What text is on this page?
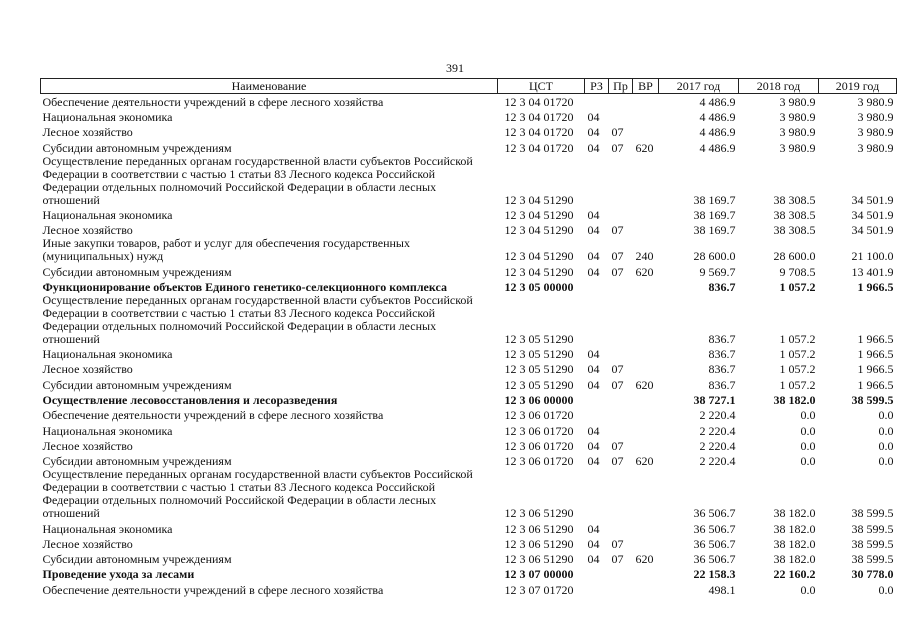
391
Наименование	ЦСТ	РЗ	Пр	ВР	2017 год	2018 год	2019 год
Обеспечение деятельности учреждений в сфере лесного хозяйства	12 3 04 01720				4 486.9	3 980.9	3 980.9
Национальная экономика	12 3 04 01720	04			4 486.9	3 980.9	3 980.9
Лесное хозяйство	12 3 04 01720	04	07		4 486.9	3 980.9	3 980.9
Субсидии автономным учреждениям	12 3 04 01720	04	07	620	4 486.9	3 980.9	3 980.9
Осуществление переданных органам государственной власти субъектов Российской Федерации в соответствии с частью 1 статьи 83 Лесного кодекса Российской Федерации отдельных полномочий Российской Федерации в области лесных отношений	12 3 04 51290				38 169.7	38 308.5	34 501.9
Национальная экономика	12 3 04 51290	04			38 169.7	38 308.5	34 501.9
Лесное хозяйство	12 3 04 51290	04	07		38 169.7	38 308.5	34 501.9
Иные закупки товаров, работ и услуг для обеспечения государственных (муниципальных) нужд	12 3 04 51290	04	07	240	28 600.0	28 600.0	21 100.0
Субсидии автономным учреждениям	12 3 04 51290	04	07	620	9 569.7	9 708.5	13 401.9
Функционирование объектов Единого генетико-селекционного комплекса	12 3 05 00000				836.7	1 057.2	1 966.5
Осуществление переданных органам государственной власти субъектов Российской Федерации в соответствии с частью 1 статьи 83 Лесного кодекса Российской Федерации отдельных полномочий Российской Федерации в области лесных отношений	12 3 05 51290				836.7	1 057.2	1 966.5
Национальная экономика	12 3 05 51290	04			836.7	1 057.2	1 966.5
Лесное хозяйство	12 3 05 51290	04	07		836.7	1 057.2	1 966.5
Субсидии автономным учреждениям	12 3 05 51290	04	07	620	836.7	1 057.2	1 966.5
Осуществление лесовосстановления и лесоразведения	12 3 06 00000				38 727.1	38 182.0	38 599.5
Обеспечение деятельности учреждений в сфере лесного хозяйства	12 3 06 01720				2 220.4	0.0	0.0
Национальная экономика	12 3 06 01720	04			2 220.4	0.0	0.0
Лесное хозяйство	12 3 06 01720	04	07		2 220.4	0.0	0.0
Субсидии автономным учреждениям	12 3 06 01720	04	07	620	2 220.4	0.0	0.0
Осуществление переданных органам государственной власти субъектов Российской Федерации в соответствии с частью 1 статьи 83 Лесного кодекса Российской Федерации отдельных полномочий Российской Федерации в области лесных отношений	12 3 06 51290				36 506.7	38 182.0	38 599.5
Национальная экономика	12 3 06 51290	04			36 506.7	38 182.0	38 599.5
Лесное хозяйство	12 3 06 51290	04	07		36 506.7	38 182.0	38 599.5
Субсидии автономным учреждениям	12 3 06 51290	04	07	620	36 506.7	38 182.0	38 599.5
Проведение ухода за лесами	12 3 07 00000				22 158.3	22 160.2	30 778.0
Обеспечение деятельности учреждений в сфере лесного хозяйства	12 3 07 01720				498.1	0.0	0.0
